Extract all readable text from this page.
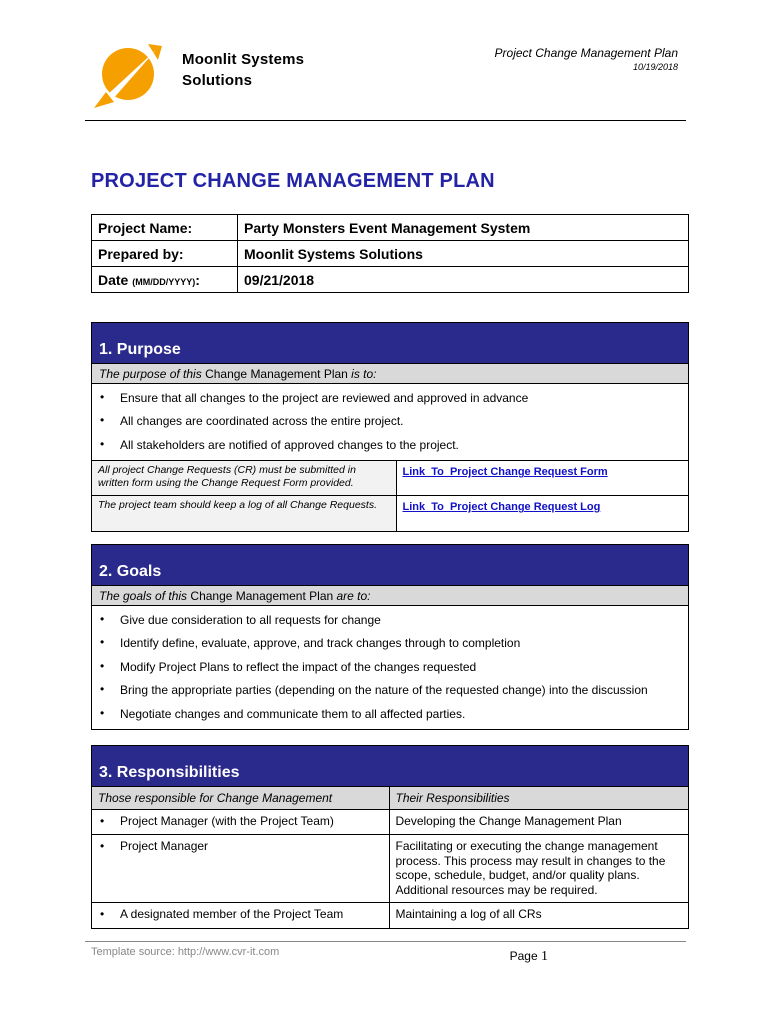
Moonlit Systems
Solutions
Project Change Management Plan
10/19/2018
PROJECT CHANGE MANAGEMENT PLAN
Project Name:	Party Monsters Event Management System
Prepared by:	Moonlit Systems Solutions
Date (MM/DD/YYYY):	09/21/2018
1. Purpose
The purpose of this Change Management Plan is to:
• Ensure that all changes to the project are reviewed and approved in advance
• All changes are coordinated across the entire project.
• All stakeholders are notified of approved changes to the project.
All project Change Requests (CR) must be submitted in written form using the Change Request Form provided.	Link_To_Project Change Request Form
The project team should keep a log of all Change Requests.	Link_To_Project Change Request Log
2. Goals
The goals of this Change Management Plan are to:
• Give due consideration to all requests for change
• Identify define, evaluate, approve, and track changes through to completion
• Modify Project Plans to reflect the impact of the changes requested
• Bring the appropriate parties (depending on the nature of the requested change) into the discussion
• Negotiate changes and communicate them to all affected parties.
3. Responsibilities
Those responsible for Change Management	Their Responsibilities

• Project Manager (with the Project Team)	Developing the Change Management Plan

• Project Manager	Facilitating or executing the change management process. This process may result in changes to the scope, schedule, budget, and/or quality plans. Additional resources may be required.

• A designated member of the Project Team	Maintaining a log of all CRs
Template source: http://www.cvr-it.com	Page 1
